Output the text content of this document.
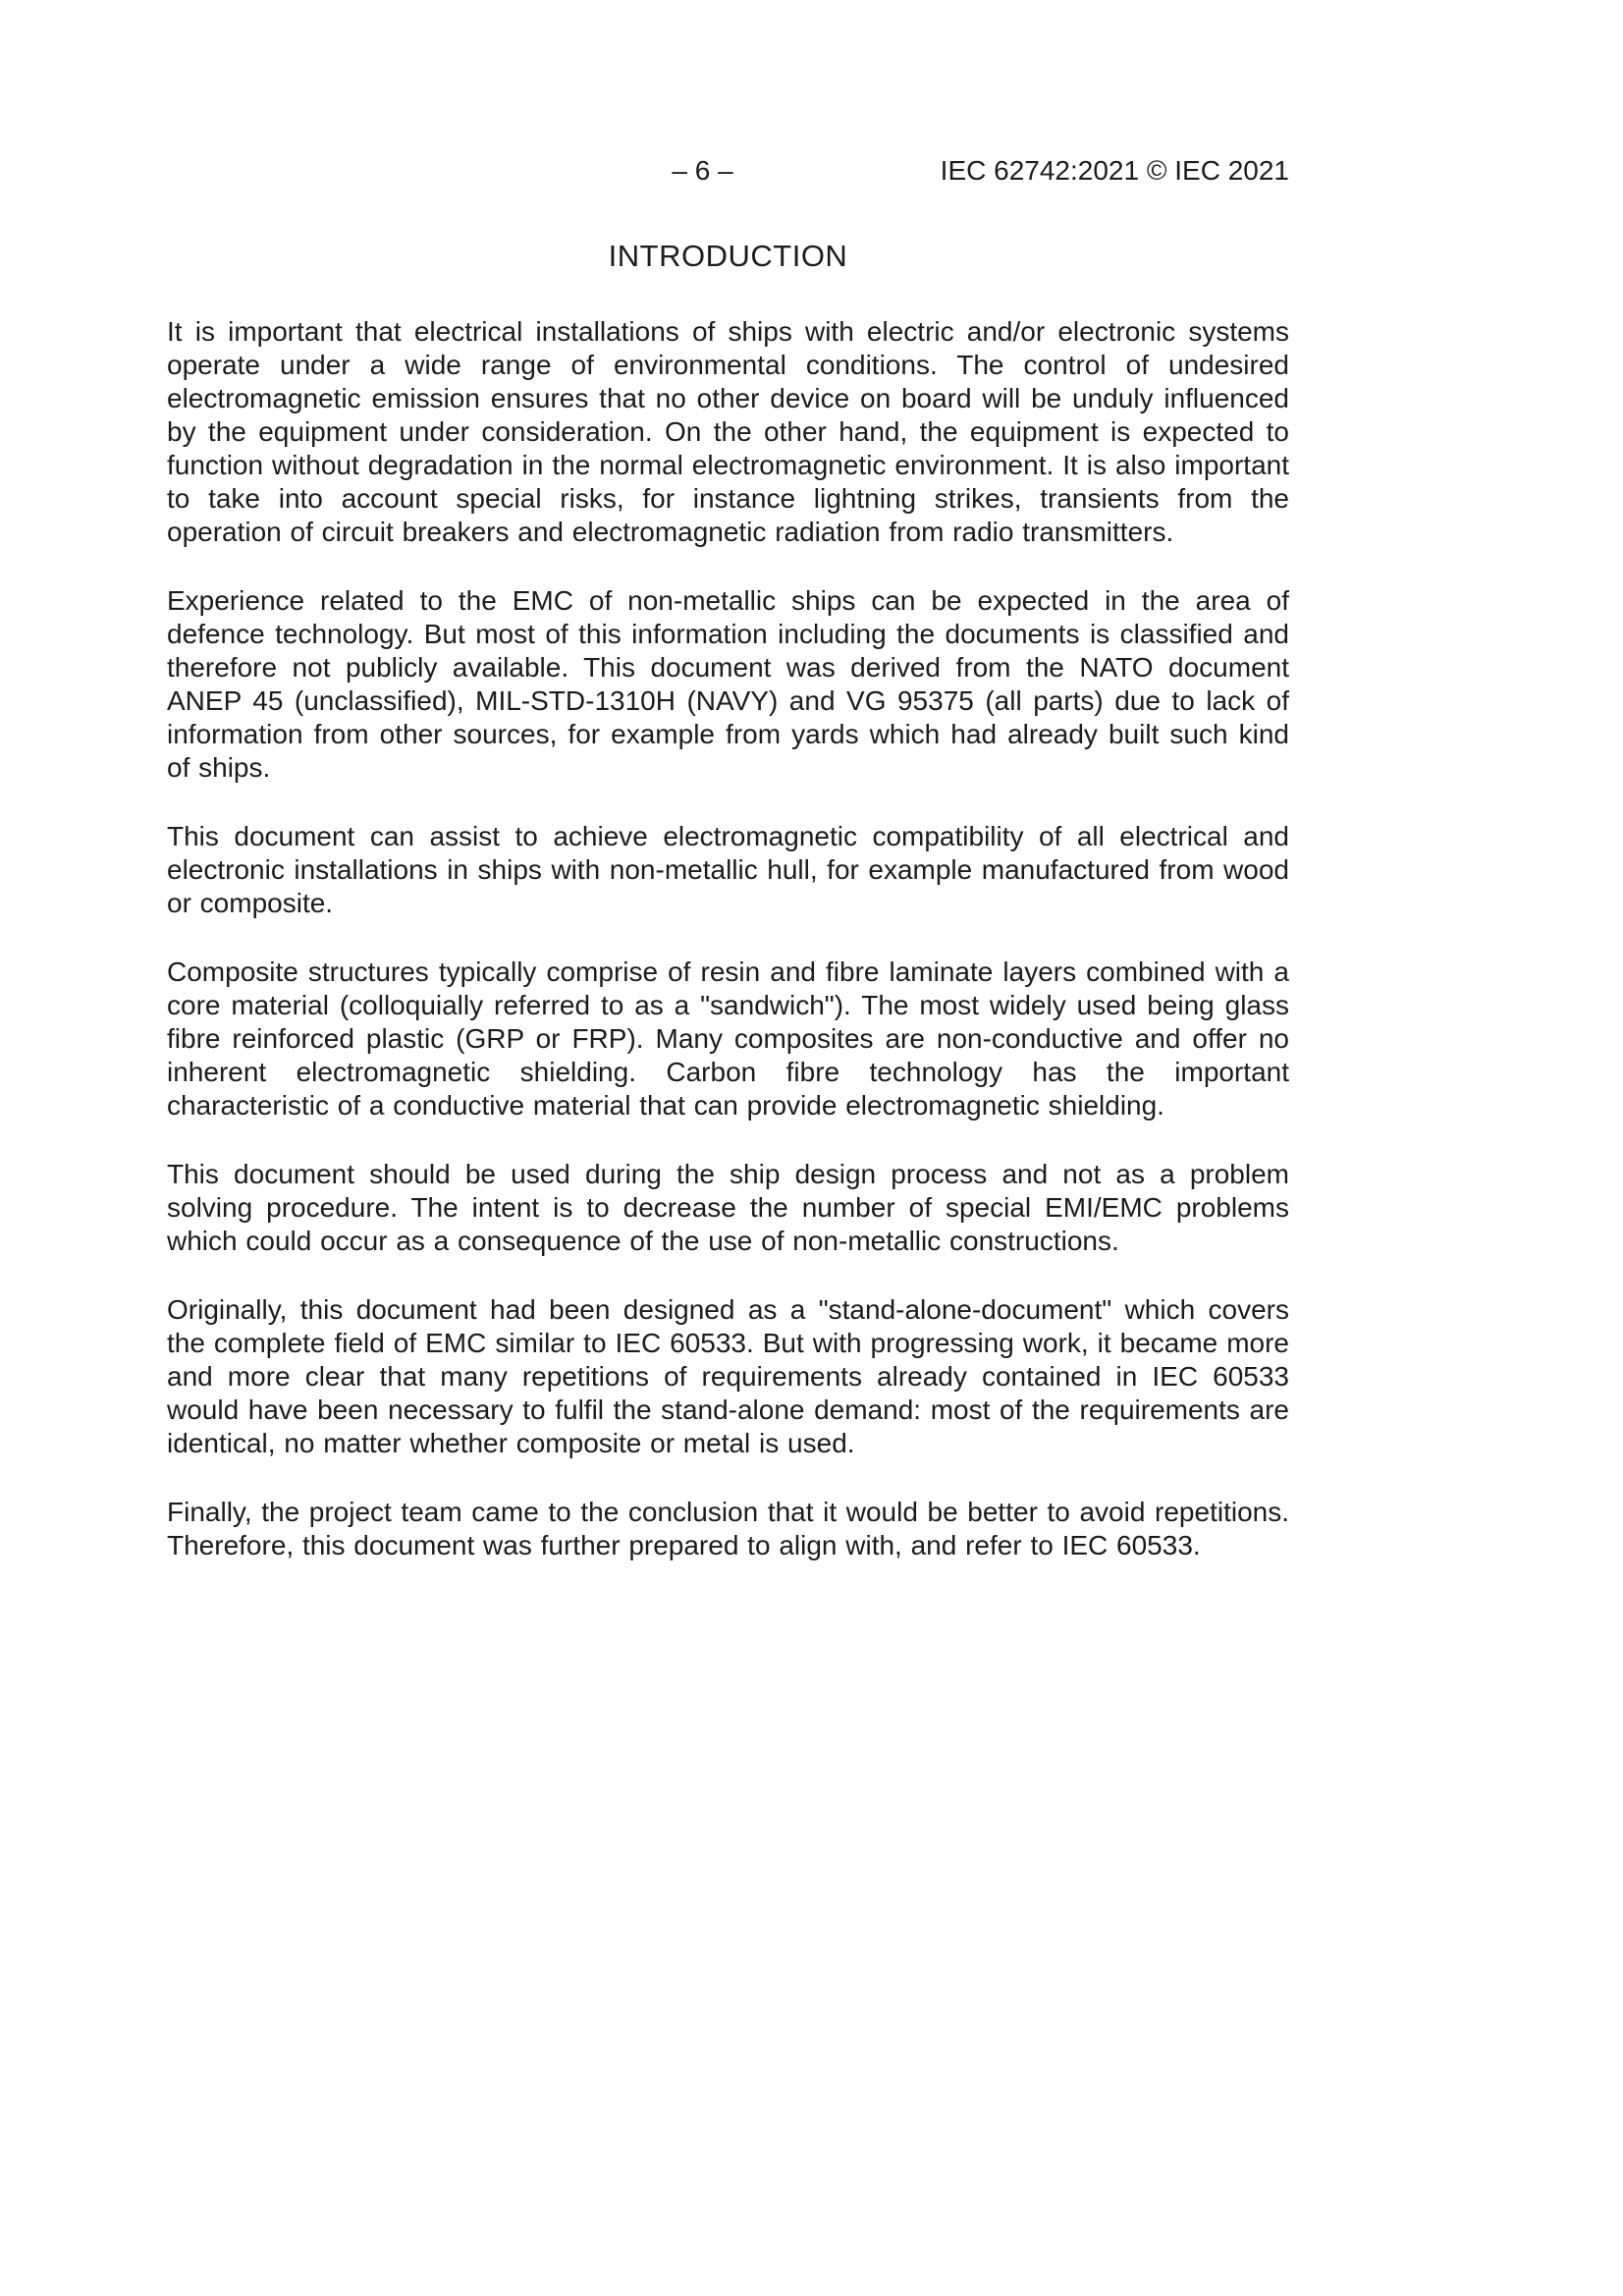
– 6 –	IEC 62742:2021 © IEC 2021
INTRODUCTION

It is important that electrical installations of ships with electric and/or electronic systems operate under a wide range of environmental conditions. The control of undesired electromagnetic emission ensures that no other device on board will be unduly influenced by the equipment under consideration. On the other hand, the equipment is expected to function without degradation in the normal electromagnetic environment. It is also important to take into account special risks, for instance lightning strikes, transients from the operation of circuit breakers and electromagnetic radiation from radio transmitters.

Experience related to the EMC of non-metallic ships can be expected in the area of defence technology. But most of this information including the documents is classified and therefore not publicly available. This document was derived from the NATO document ANEP 45 (unclassified), MIL-STD-1310H (NAVY) and VG 95375 (all parts) due to lack of information from other sources, for example from yards which had already built such kind of ships.

This document can assist to achieve electromagnetic compatibility of all electrical and electronic installations in ships with non-metallic hull, for example manufactured from wood or composite.

Composite structures typically comprise of resin and fibre laminate layers combined with a core material (colloquially referred to as a "sandwich"). The most widely used being glass fibre reinforced plastic (GRP or FRP). Many composites are non-conductive and offer no inherent electromagnetic shielding. Carbon fibre technology has the important characteristic of a conductive material that can provide electromagnetic shielding.

This document should be used during the ship design process and not as a problem solving procedure. The intent is to decrease the number of special EMI/EMC problems which could occur as a consequence of the use of non-metallic constructions.

Originally, this document had been designed as a "stand-alone-document" which covers the complete field of EMC similar to IEC 60533. But with progressing work, it became more and more clear that many repetitions of requirements already contained in IEC 60533 would have been necessary to fulfil the stand-alone demand: most of the requirements are identical, no matter whether composite or metal is used.

Finally, the project team came to the conclusion that it would be better to avoid repetitions. Therefore, this document was further prepared to align with, and refer to IEC 60533.
